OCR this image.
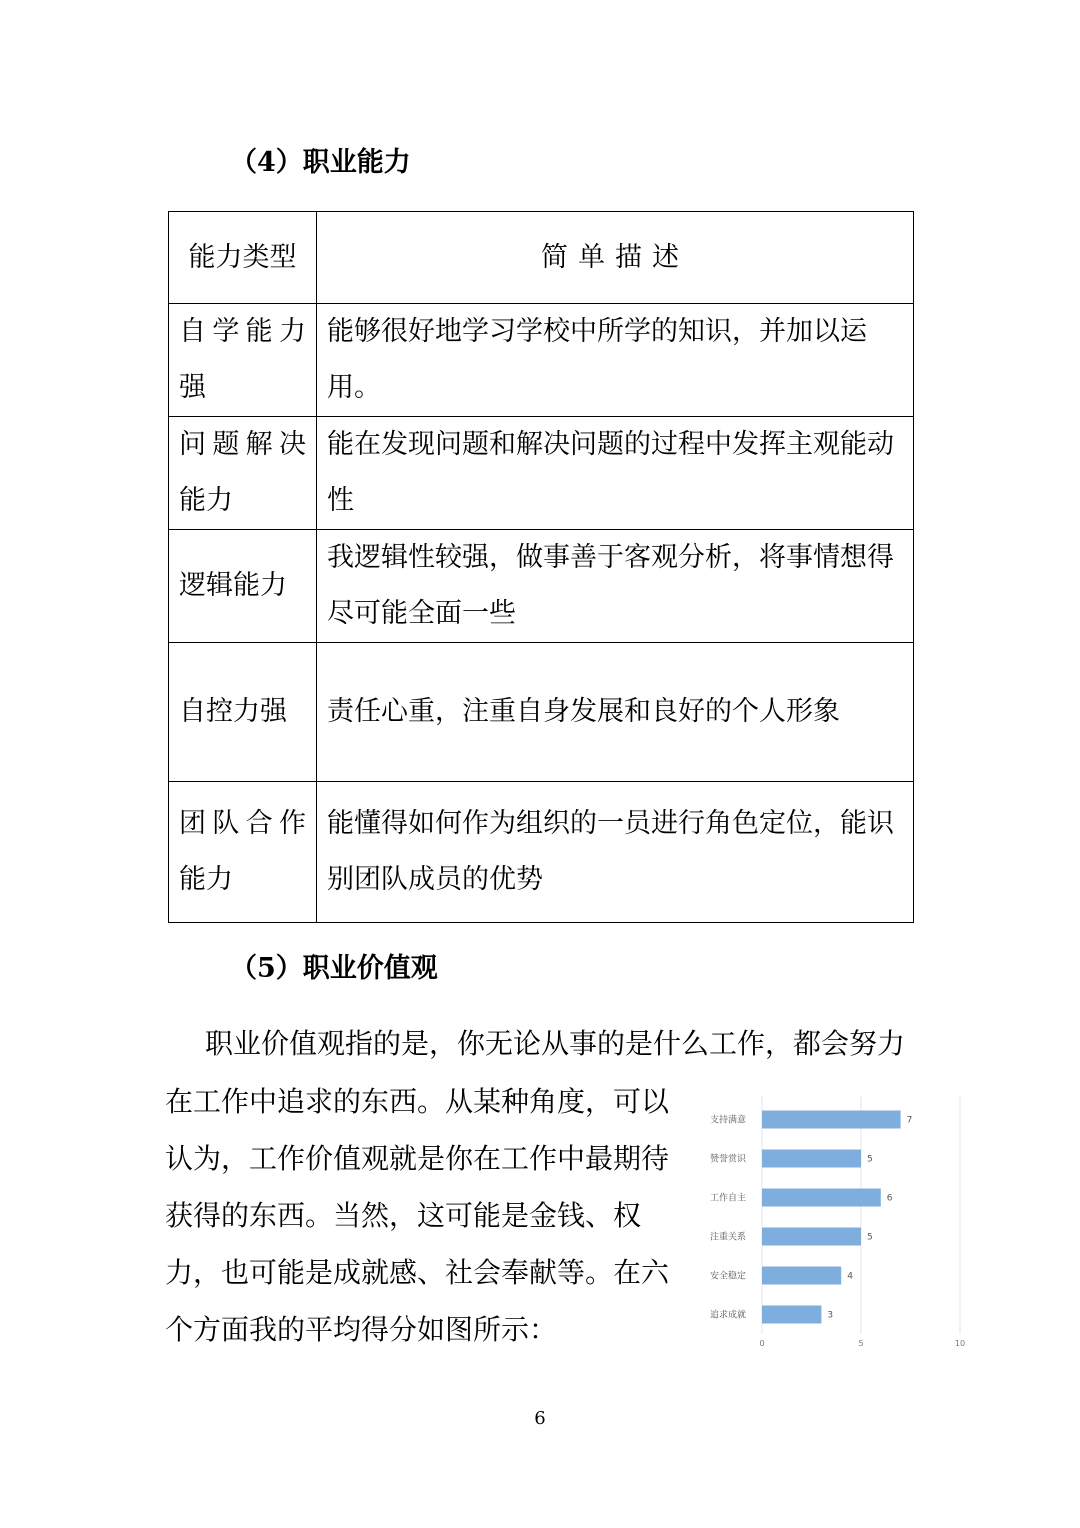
（4）职业能力
能力类型	简单描述
自学能力强	能够很好地学习学校中所学的知识，并加以运用。
问题解决能力	能在发现问题和解决问题的过程中发挥主观能动性
逻辑能力	我逻辑性较强，做事善于客观分析，将事情想得尽可能全面一些
自控力强	责任心重，注重自身发展和良好的个人形象
团队合作能力	能懂得如何作为组织的一员进行角色定位，能识别团队成员的优势
（5）职业价值观

职业价值观指的是，你无论从事的是什么工作，都会努力

在工作中追求的东西。从某种角度，可以认为，工作价值观就是你在工作中最期待获得的东西。当然，这可能是金钱、权力，也可能是成就感、社会奉献等。在六个方面我的平均得分如图所示：	0	5	10
支持满意	7
赞誉赏识	5
工作自主	6
注重关系	5
安全稳定	4
追求成就	3
6
